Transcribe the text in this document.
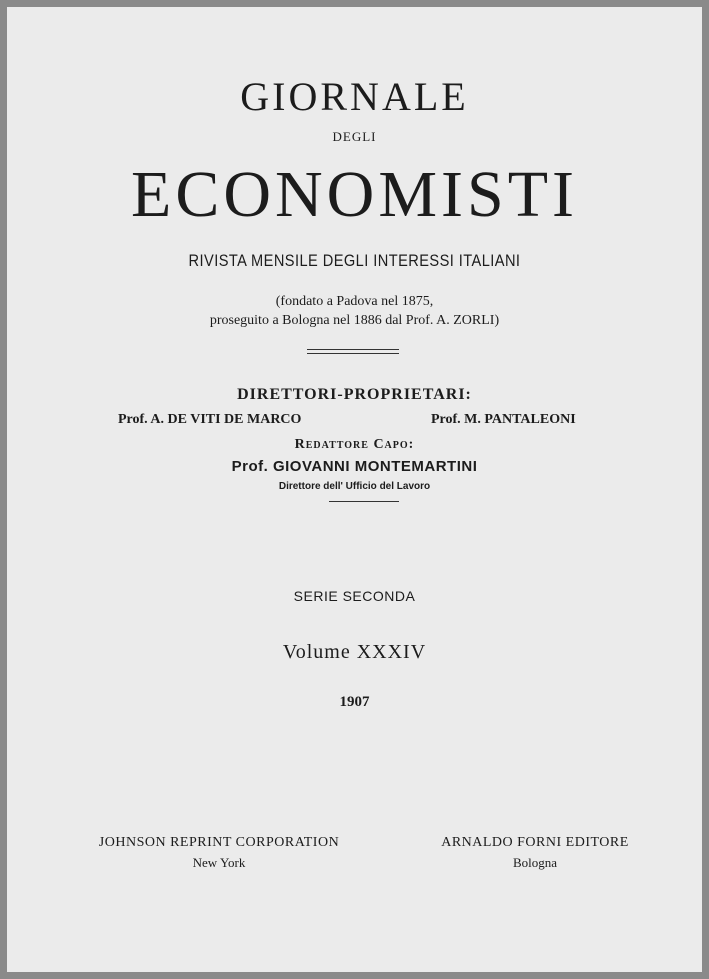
GIORNALE
DEGLI
ECONOMISTI
RIVISTA MENSILE DEGLI INTERESSI ITALIANI
(fondato a Padova nel 1875,
proseguito a Bologna nel 1886 dal Prof. A. ZORLI)
DIRETTORI-PROPRIETARI:
Prof. A. DE VITI DE MARCO	Prof. M. PANTALEONI
Redattore Capo:
Prof. GIOVANNI MONTEMARTINI
Direttore dell' Ufficio del Lavoro
SERIE SECONDA
Volume XXXIV
1907
JOHNSON REPRINT CORPORATION
New York
ARNALDO FORNI EDITORE
Bologna
